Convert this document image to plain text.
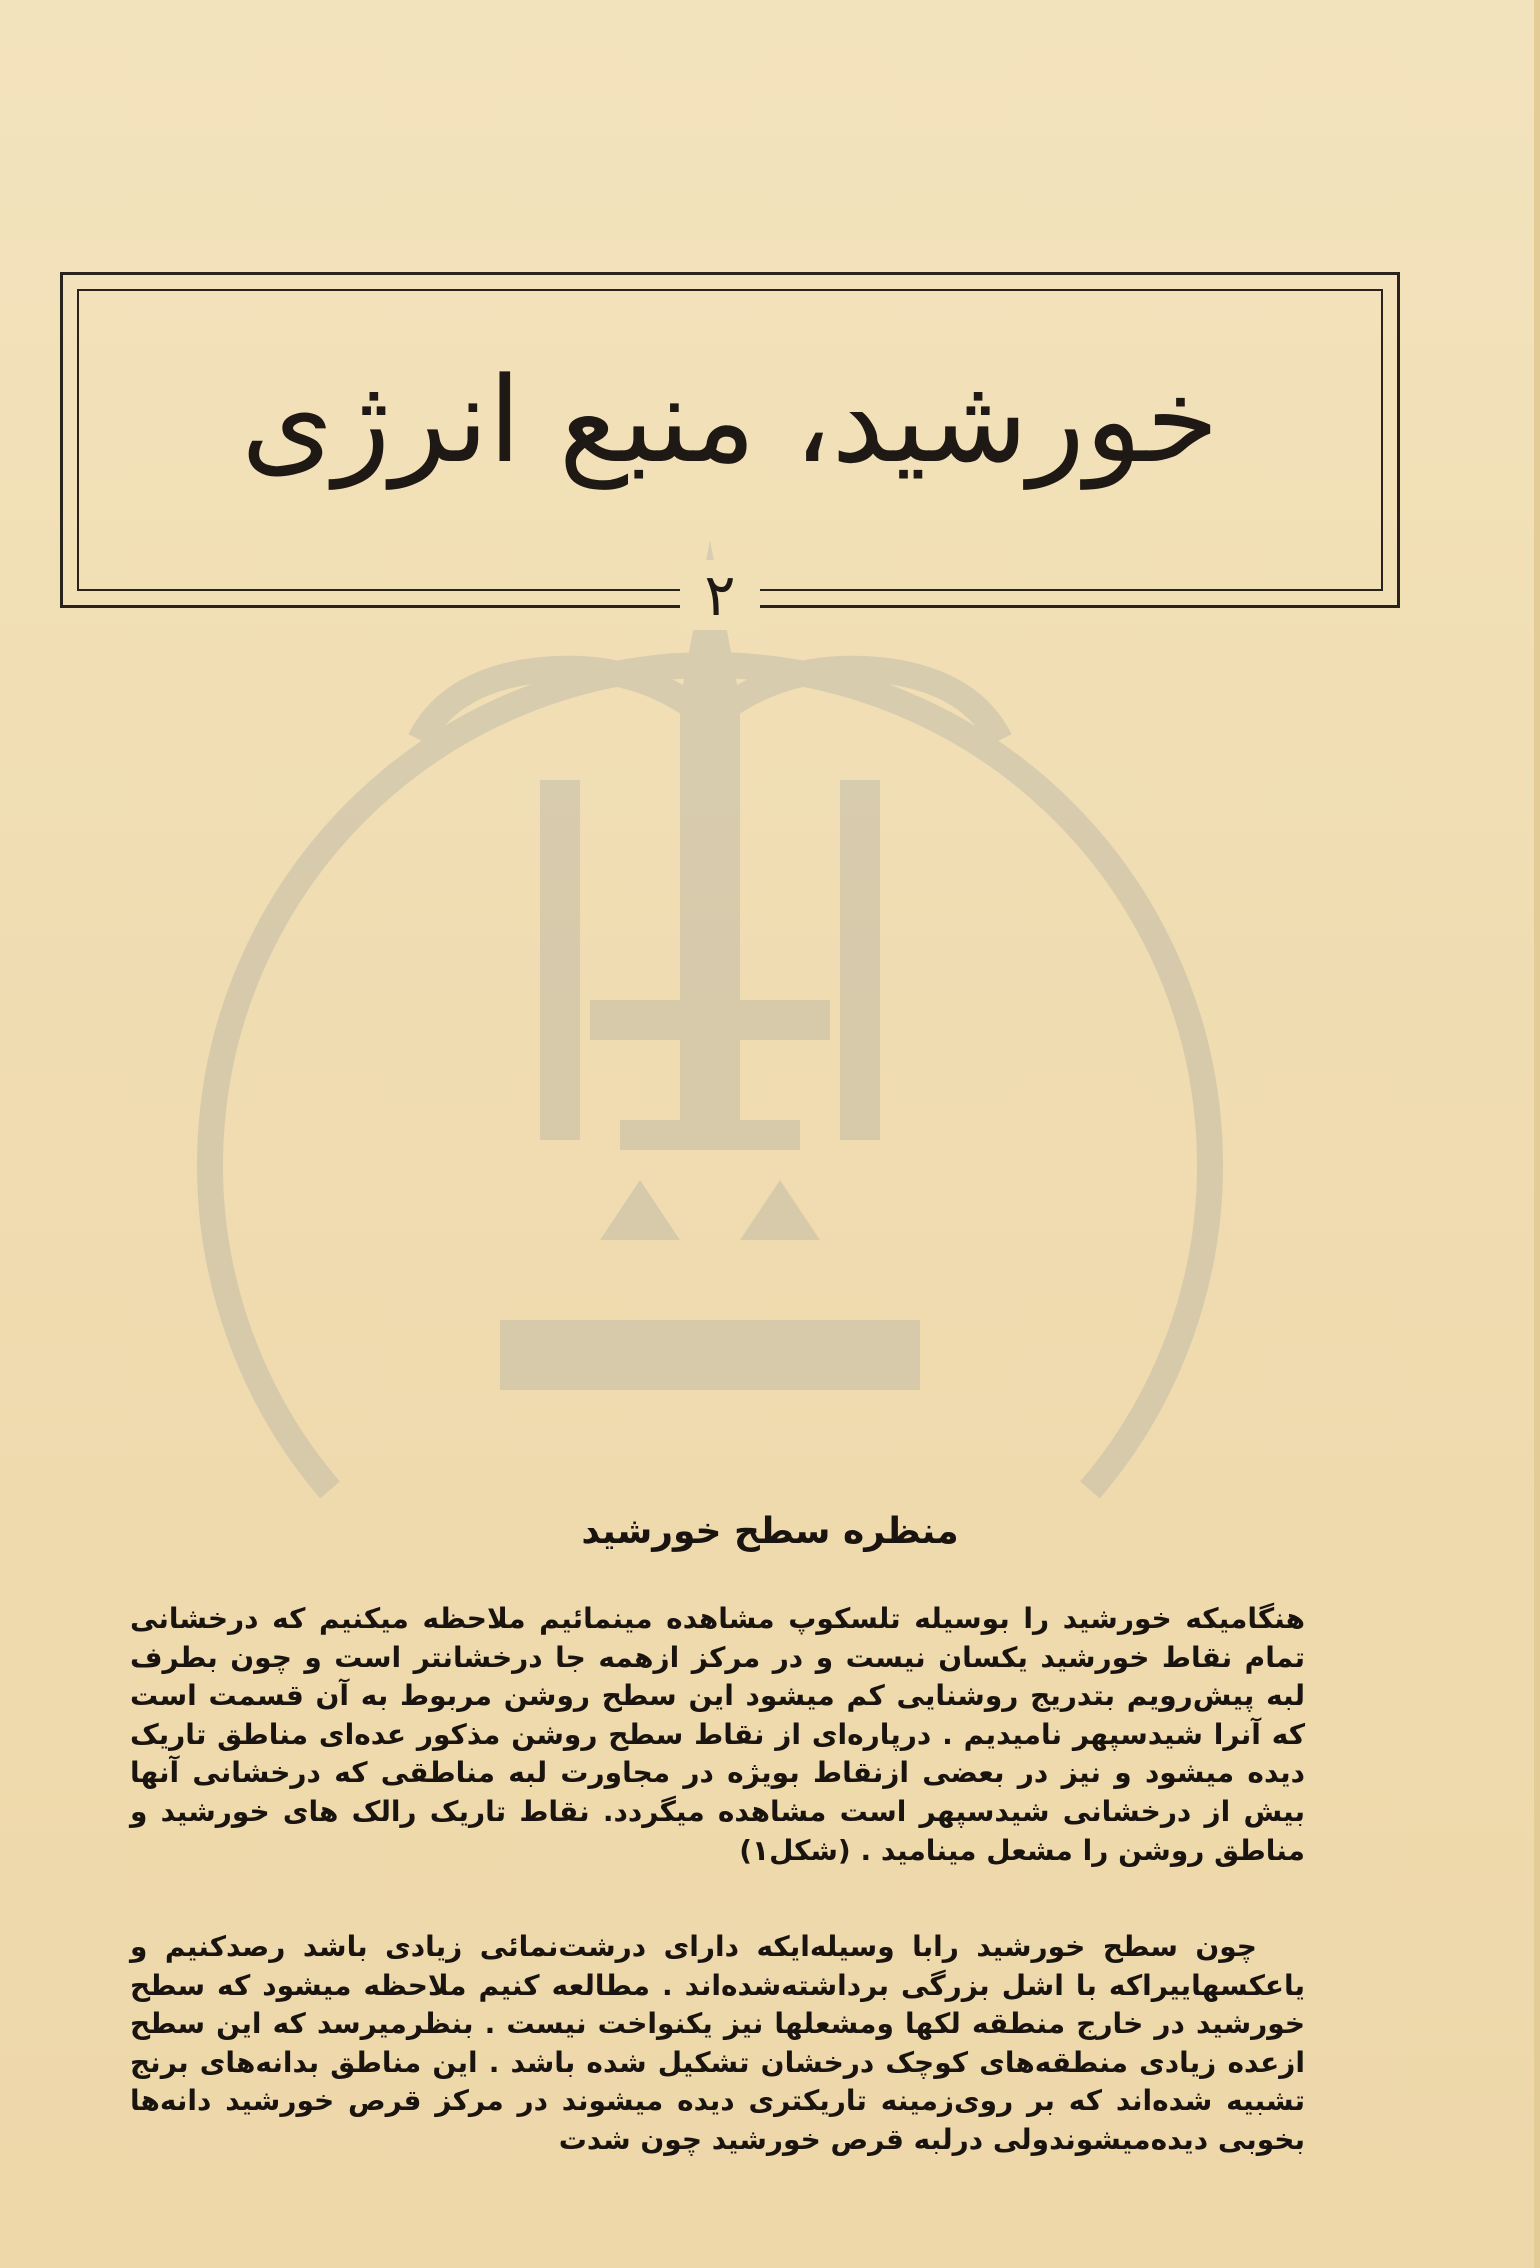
خورشید، منبع انرژی
۲
منظره سطح خورشید

هنگامیکه خورشید را بوسیله تلسکوپ مشاهده مینمائیم ملاحظه میکنیم که درخشانی تمام نقاط خورشید یکسان نیست و در مرکز ازهمه جا درخشانتر است و چون بطرف لبه پیش‌رویم بتدریج روشنایی کم میشود این سطح روشن مربوط به آن قسمت است که آنرا شیدسپهر نامیدیم . درپاره‌ای از نقاط سطح روشن مذکور عده‌ای مناطق تاریک دیده میشود و نیز در بعضی ازنقاط بویژه در مجاورت لبه مناطقی که درخشانی آنها بیش از درخشانی شیدسپهر است مشاهده میگردد. نقاط تاریک رالک های خورشید و مناطق روشن را مشعل مینامید . (شکل۱)

چون سطح خورشید رابا وسیله‌ایکه دارای درشت‌نمائی زیادی باشد رصدکنیم و یاعکسهاییراکه با اشل بزرگی برداشته‌شده‌اند . مطالعه کنیم ملاحظه میشود که سطح خورشید در خارج منطقه لکها ومشعلها نیز یکنواخت نیست . بنظرمیرسد که این سطح ازعده زیادی منطقه‌های کوچک درخشان تشکیل شده باشد . این مناطق بدانه‌های برنج تشبیه شده‌اند که بر روی‌زمینه تاریکتری دیده میشوند در مرکز قرص خورشید دانه‌ها بخوبی دیده‌میشوندولی درلبه قرص خورشید چون شدت
